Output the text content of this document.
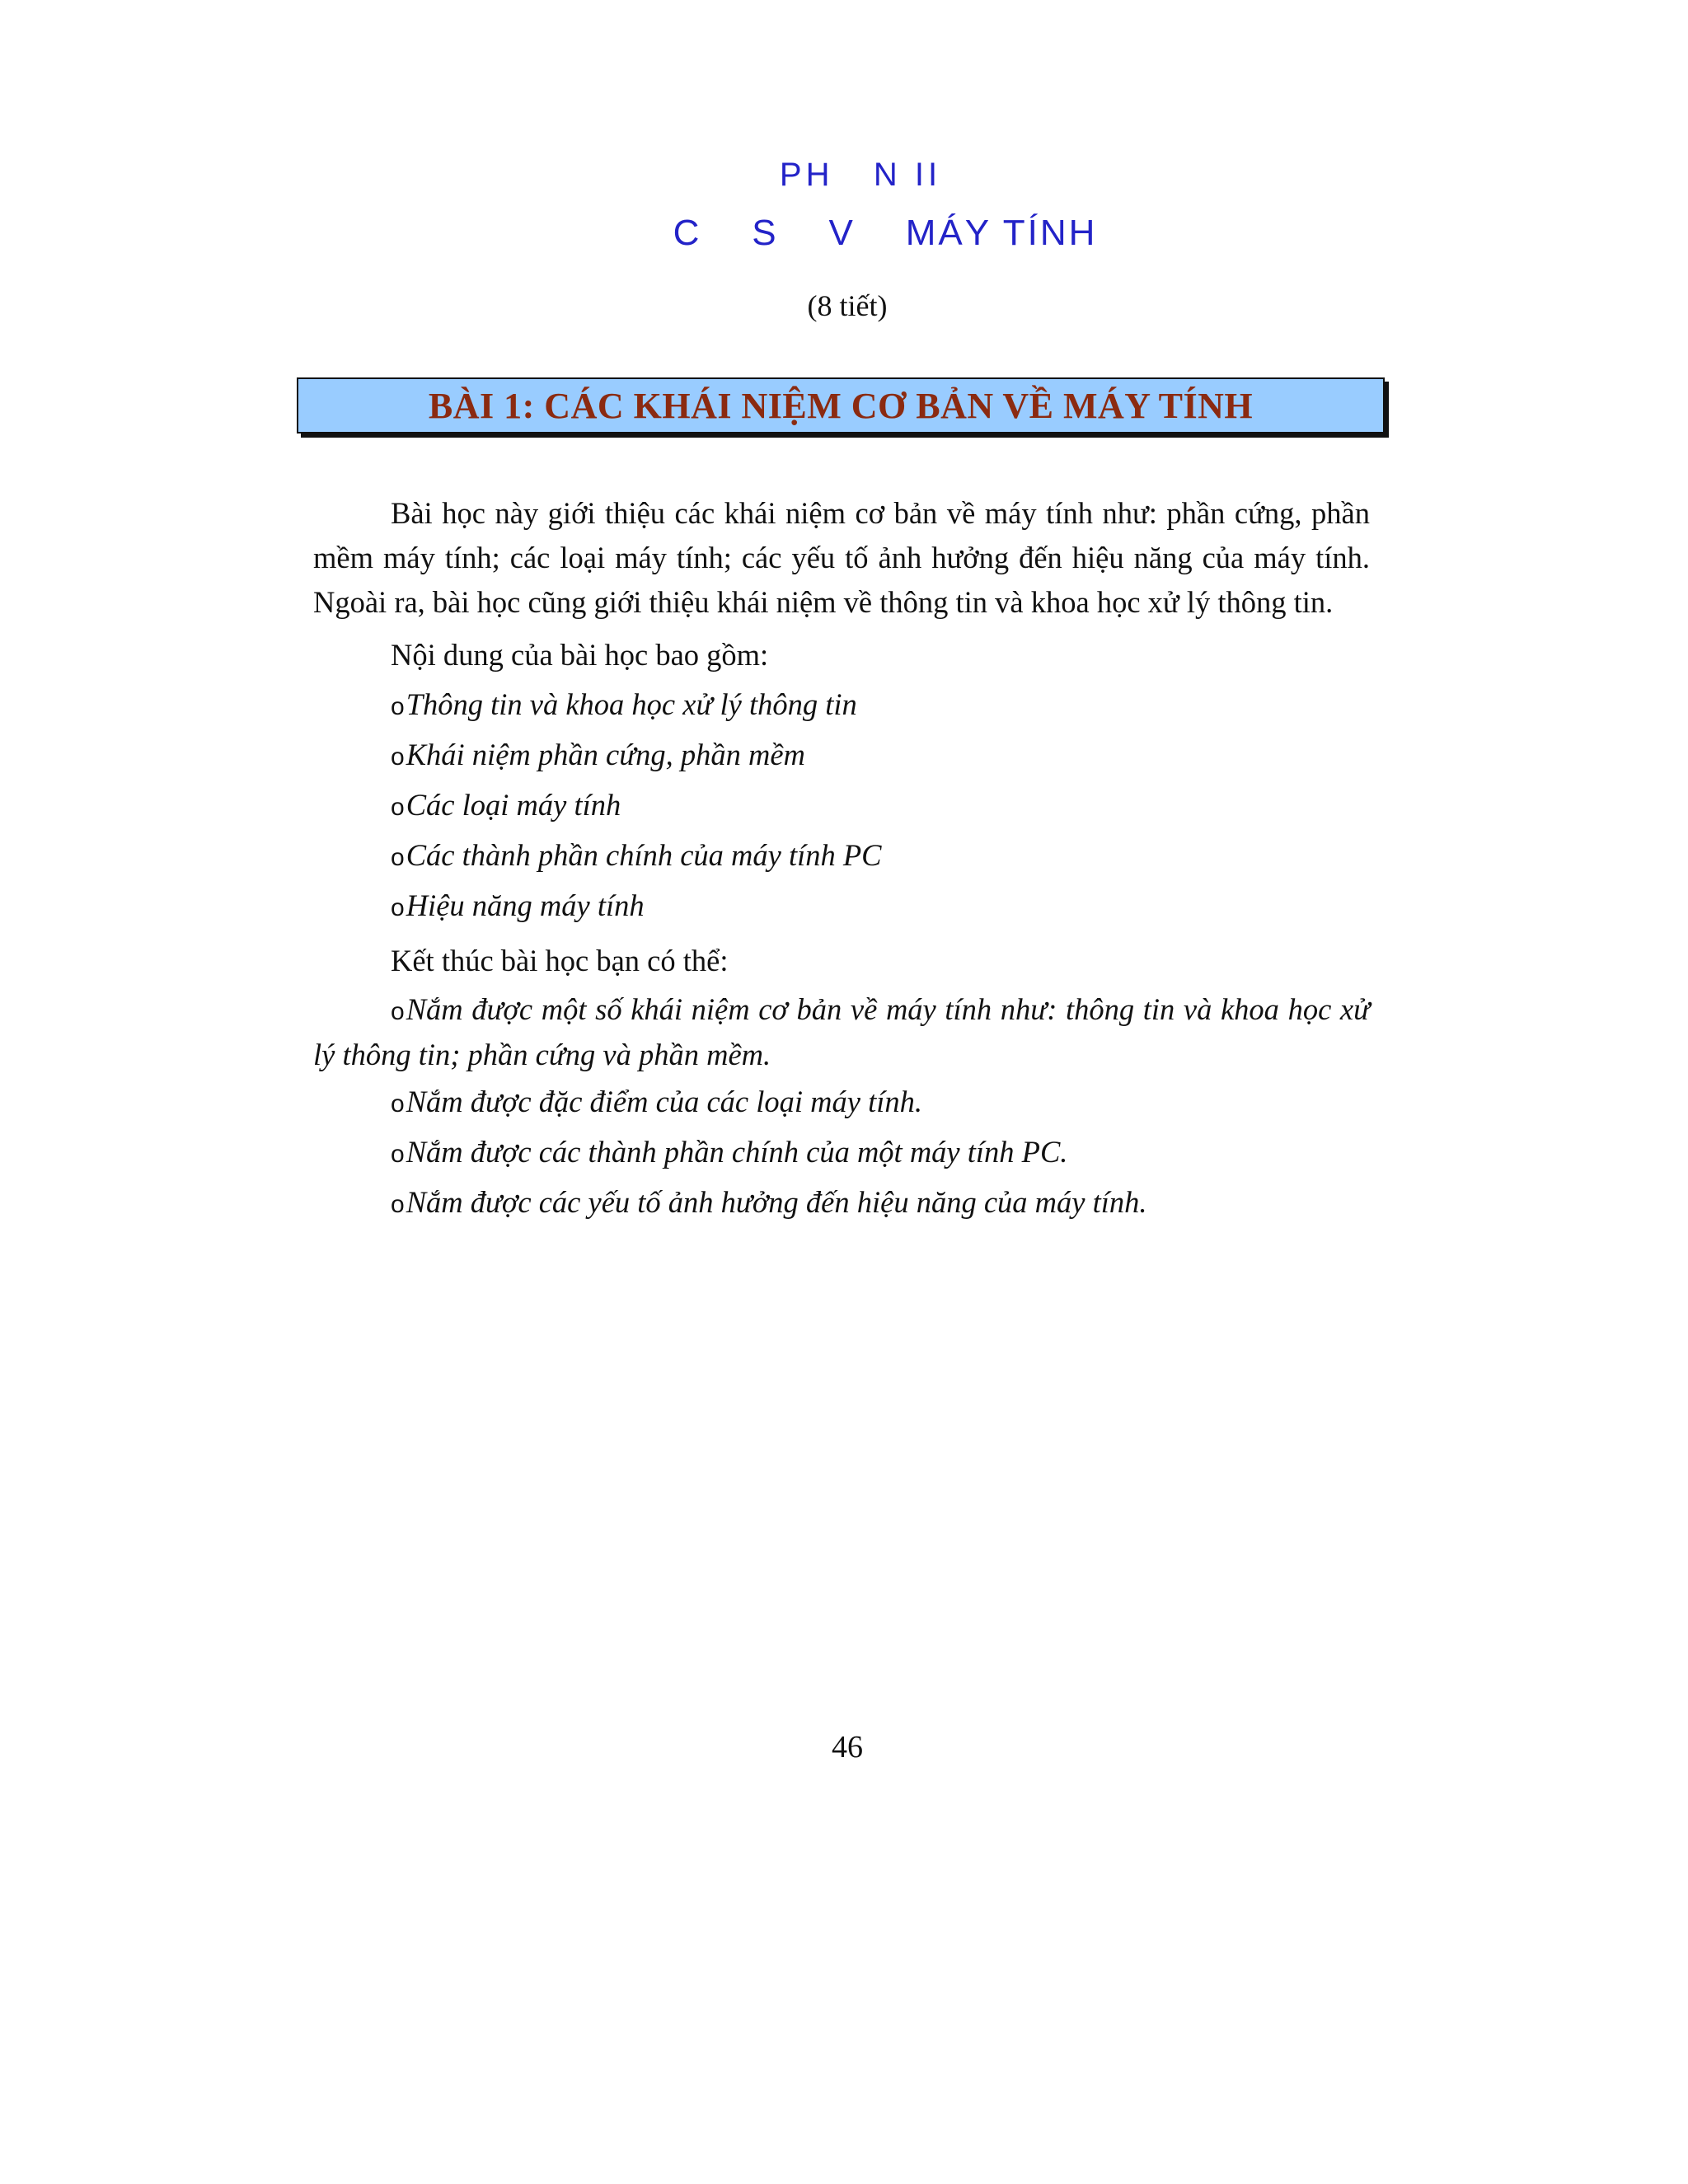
PH   N II
C    S    V    MÁY TÍNH
(8 tiết)
BÀI 1: CÁC KHÁI NIỆM CƠ BẢN VỀ MÁY TÍNH

Bài học này giới thiệu các khái niệm cơ bản về máy tính như: phần cứng, phần mềm máy tính; các loại máy tính; các yếu tố ảnh hưởng đến hiệu năng của máy tính. Ngoài ra, bài học cũng giới thiệu khái niệm về thông tin và khoa học xử lý thông tin.

Nội dung của bài học bao gồm:
oThông tin và khoa học xử lý thông tin
oKhái niệm phần cứng, phần mềm
oCác loại máy tính
oCác thành phần chính của máy tính PC
oHiệu năng máy tính
Kết thúc bài học bạn có thể:
oNắm được một số khái niệm cơ bản về máy tính như: thông tin và khoa học xử lý thông tin; phần cứng và phần mềm.
oNắm được đặc điểm của các loại máy tính.
oNắm được các thành phần chính của một máy tính PC.
oNắm được các yếu tố ảnh hưởng đến hiệu năng của máy tính.
46
